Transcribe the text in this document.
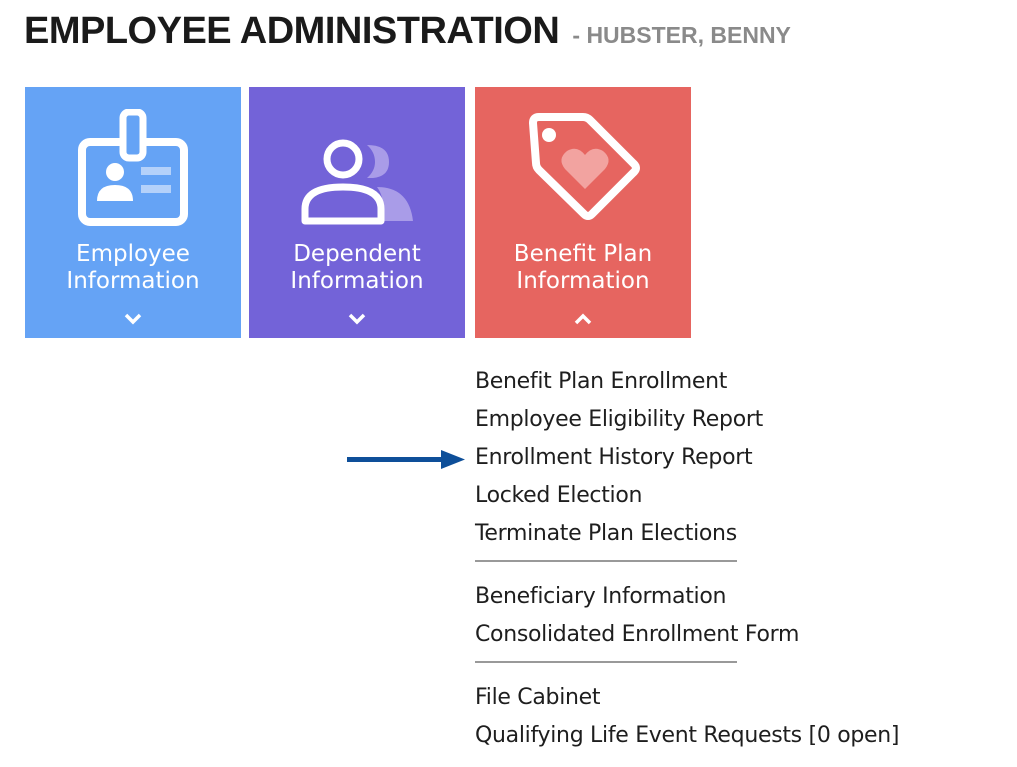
EMPLOYEE ADMINISTRATION - HUBSTER, BENNY
Employee
Information
Dependent
Information
Benefit Plan
Information
Benefit Plan Enrollment
Employee Eligibility Report
Enrollment History Report
Locked Election
Terminate Plan Elections
Beneficiary Information
Consolidated Enrollment Form
File Cabinet
Qualifying Life Event Requests [0 open]
